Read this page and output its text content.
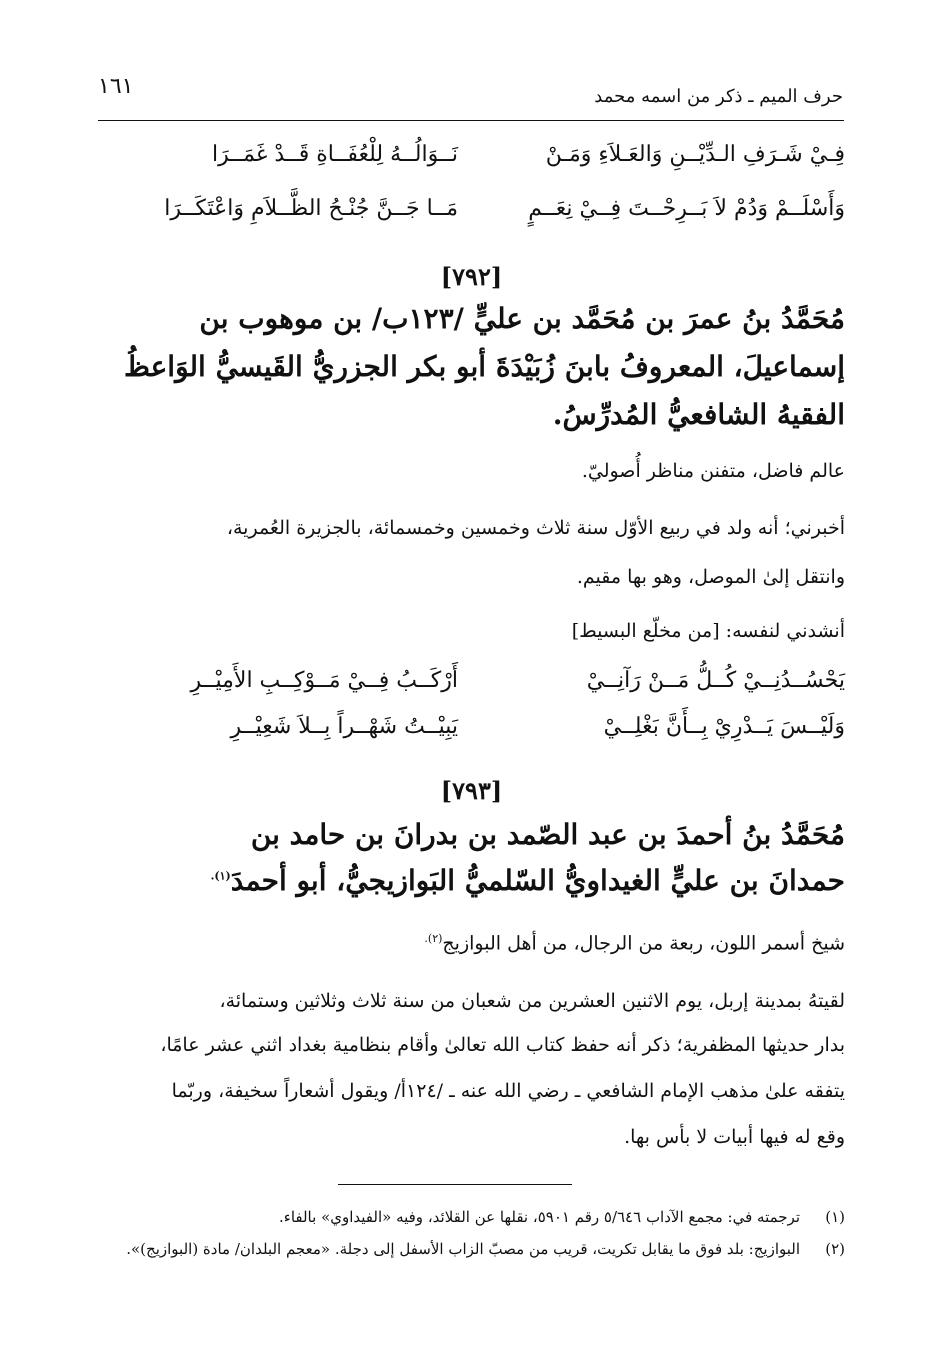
١٦١	حرف الميم ـ ذكر من اسمه محمد
فِـيْ شَـرَفِ الـدِّيْــنِ وَالعَـلاَءِ وَمَـنْ
نَــوَالُــهُ لِلْعُفَــاةِ قَــدْ غَمَــرَا
وَأَسْلَــمْ وَدُمْ لاَ بَــرِحْــتَ فِــيْ نِعَــمٍ
مَــا جَــنَّ جُنْـحُ الظَّــلاَمِ وَاعْتَكَــرَا
[٧٩٢]
مُحَمَّدُ بنُ عمرَ بن مُحَمَّد بن عليٍّ /١٢٣ب/ بن موهوب بن
إسماعيلَ، المعروفُ بابنَ زُبَيْدَةَ أبو بكر الجزريُّ القَيسيُّ الوَاعظُ
الفقيهُ الشافعيُّ المُدرِّسُ.
عالم فاضل، متفنن مناظر أُصوليّ.
أخبرني؛ أنه ولد في ربيع الأوّل سنة ثلاث وخمسين وخمسمائة، بالجزيرة العُمرية،
وانتقل إلىٰ الموصل، وهو بها مقيم.
أنشدني لنفسه: [من مخلّع البسيط]
يَحْسُــدُنِــيْ كُــلُّ مَــنْ رَآنِــيْ
أَرْكَــبُ فِــيْ مَــوْكِــبِ الأَمِيْــرِ
وَلَيْــسَ يَــدْرِيْ بِــأَنَّ بَغْلِــيْ
يَبِيْــتُ شَهْــراً بِــلاَ شَعِيْــرِ
[٧٩٣]
مُحَمَّدُ بنُ أحمدَ بن عبد الصّمد بن بدرانَ بن حامد بن
حمدانَ بن عليٍّ الغيداويُّ السّلميُّ البَوازيجيُّ، أبو أحمدَ$^{(١).}$
شيخ أسمر اللون، ربعة من الرجال، من أهل البوازيج$^{(٢).}$
لقيتهُ بمدينة إربل، يوم الاثنين العشرين من شعبان من سنة ثلاث وثلاثين وستمائة،
بدار حديثها المظفرية؛ ذكر أنه حفظ كتاب الله تعالىٰ وأقام بنظامية بغداد اثني عشر عامًا،
يتفقه علىٰ مذهب الإمام الشافعي ـ رضي الله عنه ـ /١٢٤أ/ ويقول أشعاراً سخيفة، وربّما
وقع له فيها أبيات لا بأس بها.
(١)
ترجمته في: مجمع الآداب ٥/٦٤٦ رقم ٥٩٠١، نقلها عن القلائد، وفيه «الفيداوي» بالفاء.
(٢)
البوازيج: بلد فوق ما يقابل تكريت، قريب من مصبّ الزاب الأسفل إلى دجلة. «معجم البلدان/ مادة (البوازيج)».
